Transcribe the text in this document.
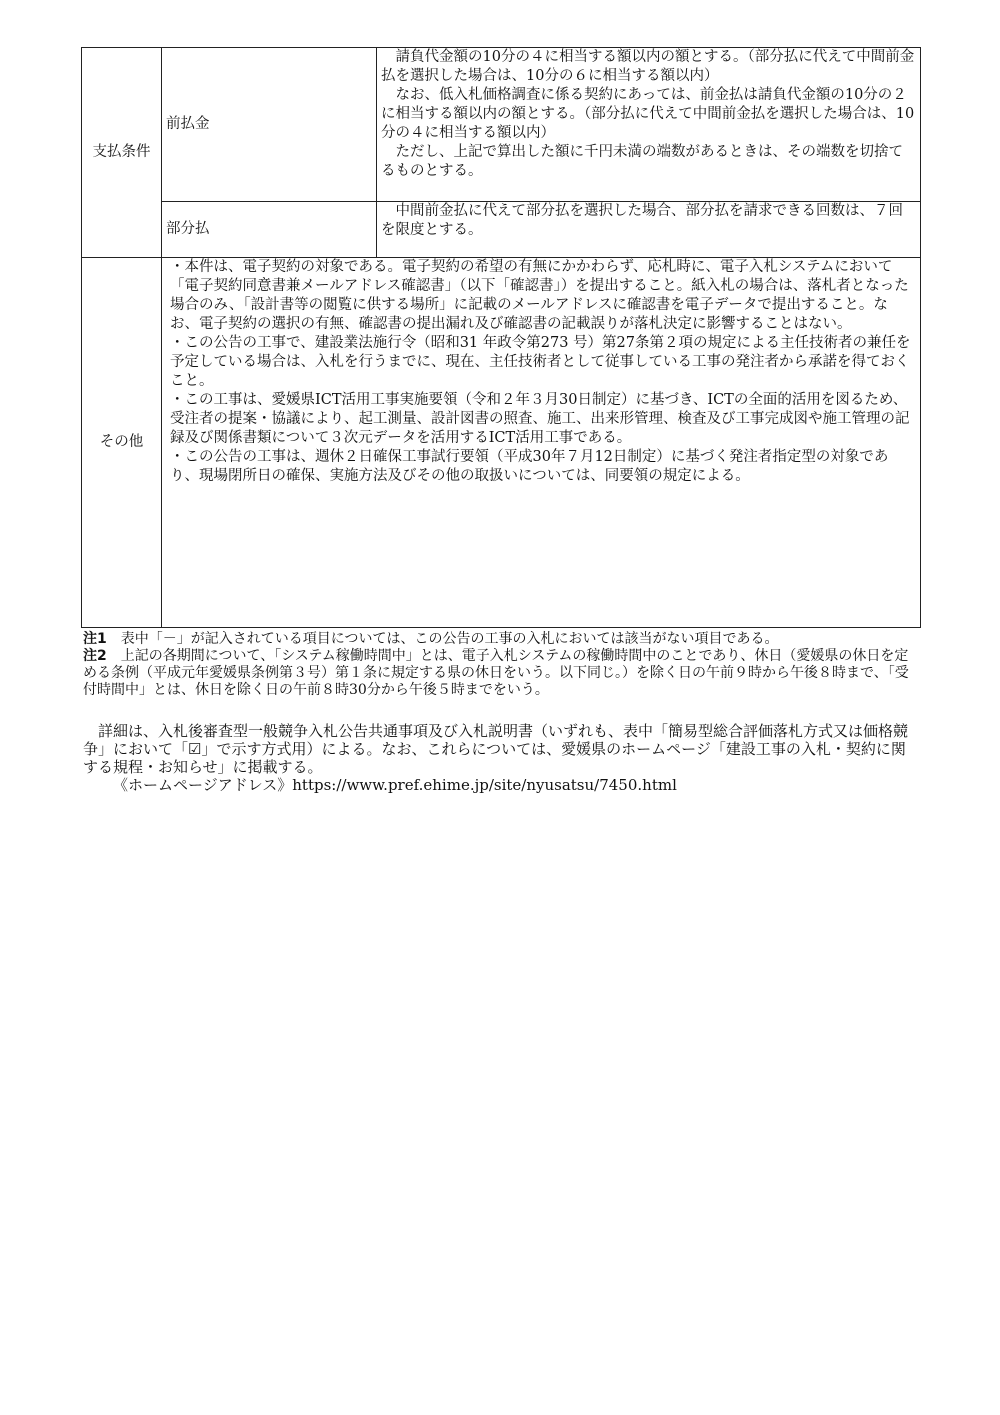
支払条件	前払金	　請負代金額の10分の４に相当する額以内の額とする。（部分払に代えて中間前金払を選択した場合は、10分の６に相当する額以内）

　なお、低入札価格調査に係る契約にあっては、前金払は請負代金額の10分の２に相当する額以内の額とする。（部分払に代えて中間前金払を選択した場合は、10分の４に相当する額以内）

　ただし、上記で算出した額に千円未満の端数があるときは、その端数を切捨てるものとする。

	部分払	　中間前金払に代えて部分払を選択した場合、部分払を請求できる回数は、７回を限度とする。

その他	・本件は、電子契約の対象である。電子契約の希望の有無にかかわらず、応札時に、電子入札システムにおいて「電子契約同意書兼メールアドレス確認書」（以下「確認書」）を提出すること。紙入札の場合は、落札者となった場合のみ、「設計書等の閲覧に供する場所」に記載のメールアドレスに確認書を電子データで提出すること。なお、電子契約の選択の有無、確認書の提出漏れ及び確認書の記載誤りが落札決定に影響することはない。

・この公告の工事で、建設業法施行令（昭和31 年政令第273 号）第27条第２項の規定による主任技術者の兼任を予定している場合は、入札を行うまでに、現在、主任技術者として従事している工事の発注者から承諾を得ておくこと。

・この工事は、愛媛県ICT活用工事実施要領（令和２年３月30日制定）に基づき、ICTの全面的活用を図るため、受注者の提案・協議により、起工測量、設計図書の照査、施工、出来形管理、検査及び工事完成図や施工管理の記録及び関係書類について３次元データを活用するICT活用工事である。

・この公告の工事は、週休２日確保工事試行要領（平成30年７月12日制定）に基づく発注者指定型の対象であり、現場閉所日の確保、実施方法及びその他の取扱いについては、同要領の規定による。	

注1　表中「－」が記入されている項目については、この公告の工事の入札においては該当がない項目である。

注2　上記の各期間について、「システム稼働時間中」とは、電子入札システムの稼働時間中のことであり、休日（愛媛県の休日を定める条例（平成元年愛媛県条例第３号）第１条に規定する県の休日をいう。以下同じ。）を除く日の午前９時から午後８時まで、「受付時間中」とは、休日を除く日の午前８時30分から午後５時までをいう。

　詳細は、入札後審査型一般競争入札公告共通事項及び入札説明書（いずれも、表中「簡易型総合評価落札方式又は価格競争」において「☑」で示す方式用）による。なお、これらについては、愛媛県のホームページ「建設工事の入札・契約に関する規程・お知らせ」に掲載する。

《ホームページアドレス》https://www.pref.ehime.jp/site/nyusatsu/7450.html
